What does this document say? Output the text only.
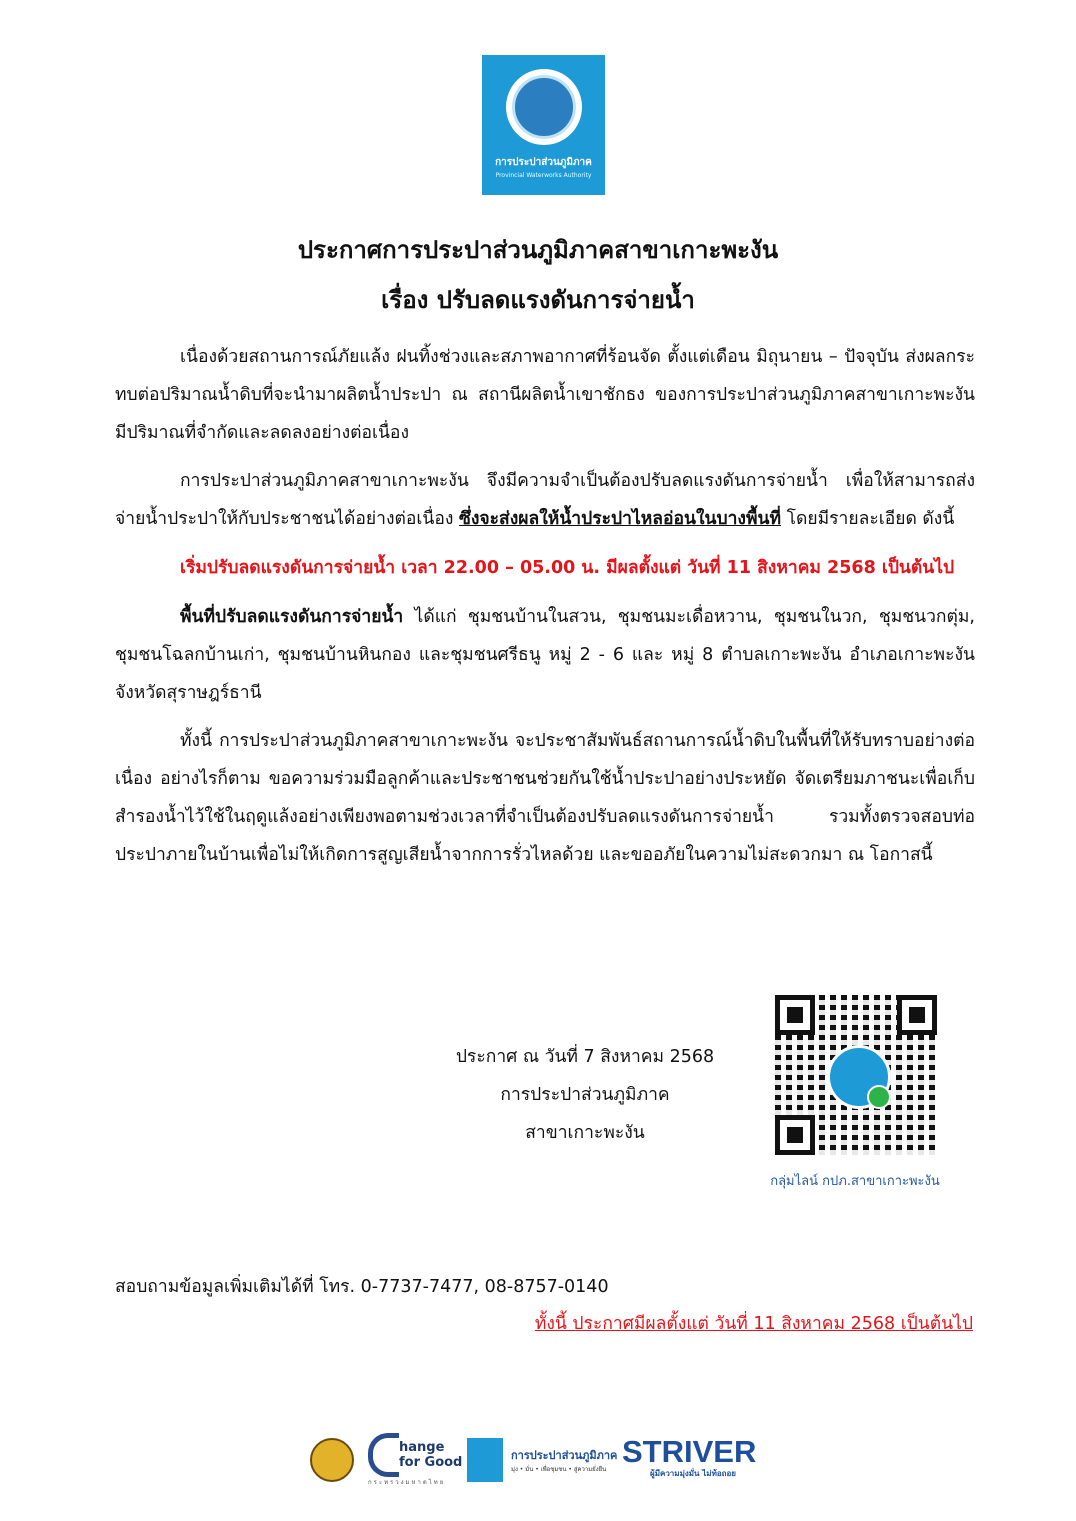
การประปาส่วนภูมิภาค
Provincial Waterworks Authority
ประกาศการประปาส่วนภูมิภาคสาขาเกาะพะงัน
เรื่อง ปรับลดแรงดันการจ่ายน้ำ
เนื่องด้วยสถานการณ์ภัยแล้ง ฝนทิ้งช่วงและสภาพอากาศที่ร้อนจัด ตั้งแต่เดือน มิถุนายน – ปัจจุบัน ส่งผลกระทบต่อปริมาณน้ำดิบที่จะนำมาผลิตน้ำประปา ณ สถานีผลิตน้ำเขาชักธง ของการประปาส่วนภูมิภาคสาขาเกาะพะงัน มีปริมาณที่จำกัดและลดลงอย่างต่อเนื่อง
การประปาส่วนภูมิภาคสาขาเกาะพะงัน จึงมีความจำเป็นต้องปรับลดแรงดันการจ่ายน้ำ เพื่อให้สามารถส่งจ่ายน้ำประปาให้กับประชาชนได้อย่างต่อเนื่อง ซึ่งจะส่งผลให้น้ำประปาไหลอ่อนในบางพื้นที่ โดยมีรายละเอียด ดังนี้
เริ่มปรับลดแรงดันการจ่ายน้ำ เวลา 22.00 – 05.00 น. มีผลตั้งแต่ วันที่ 11 สิงหาคม 2568 เป็นต้นไป
พื้นที่ปรับลดแรงดันการจ่ายน้ำ ได้แก่ ชุมชนบ้านในสวน, ชุมชนมะเดื่อหวาน, ชุมชนในวก, ชุมชนวกตุ่ม, ชุมชนโฉลกบ้านเก่า, ชุมชนบ้านหินกอง และชุมชนศรีธนู หมู่ 2 - 6 และ หมู่ 8 ตำบลเกาะพะงัน อำเภอเกาะพะงัน จังหวัดสุราษฎร์ธานี
ทั้งนี้ การประปาส่วนภูมิภาคสาขาเกาะพะงัน จะประชาสัมพันธ์สถานการณ์น้ำดิบในพื้นที่ให้รับทราบอย่างต่อเนื่อง อย่างไรก็ตาม ขอความร่วมมือลูกค้าและประชาชนช่วยกันใช้น้ำประปาอย่างประหยัด จัดเตรียมภาชนะเพื่อเก็บสำรองน้ำไว้ใช้ในฤดูแล้งอย่างเพียงพอตามช่วงเวลาที่จำเป็นต้องปรับลดแรงดันการจ่ายน้ำ รวมทั้งตรวจสอบท่อประปาภายในบ้านเพื่อไม่ให้เกิดการสูญเสียน้ำจากการรั่วไหลด้วย และขออภัยในความไม่สะดวกมา ณ โอกาสนี้
ประกาศ ณ วันที่ 7 สิงหาคม 2568
การประปาส่วนภูมิภาค
สาขาเกาะพะงัน
กลุ่มไลน์ กปภ.สาขาเกาะพะงัน
สอบถามข้อมูลเพิ่มเติมได้ที่ โทร. 0-7737-7477, 08-8757-0140
ทั้งนี้ ประกาศมีผลตั้งแต่ วันที่ 11 สิงหาคม 2568 เป็นต้นไป
hange
for Good
กระทรวงมหาดไทย
การประปาส่วนภูมิภาค
มุ่ง • มั่น • เพื่อชุมชน • สู่ความยั่งยืน
STRIVER
ผู้มีความมุ่งมั่น ไม่ท้อถอย
